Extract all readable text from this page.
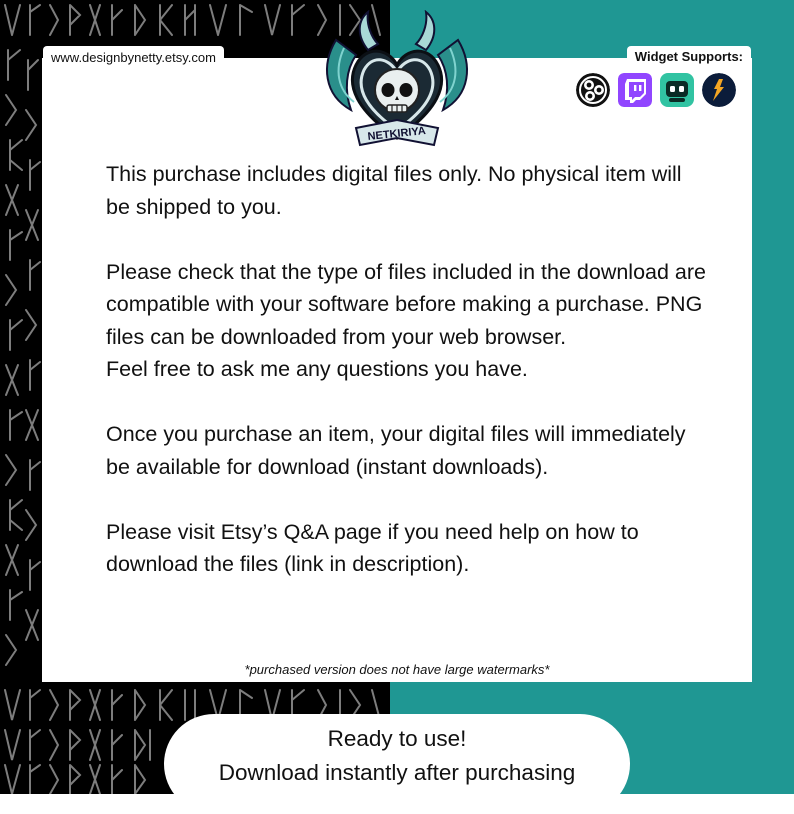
www.designbynetty.etsy.com	Widget Supports:
NETKIRIYA

This purchase includes digital files only. No physical item will be shipped to you.

Please check that the type of files included in the download are compatible with your software before making a purchase. PNG files can be downloaded from your web browser.

Feel free to ask me any questions you have.

Once you purchase an item, your digital files will immediately be available for download (instant downloads).

Please visit Etsy’s Q&A page if you need help on how to download the files (link in description).

*purchased version does not have large watermarks*
Ready to use!
Download instantly after purchasing
